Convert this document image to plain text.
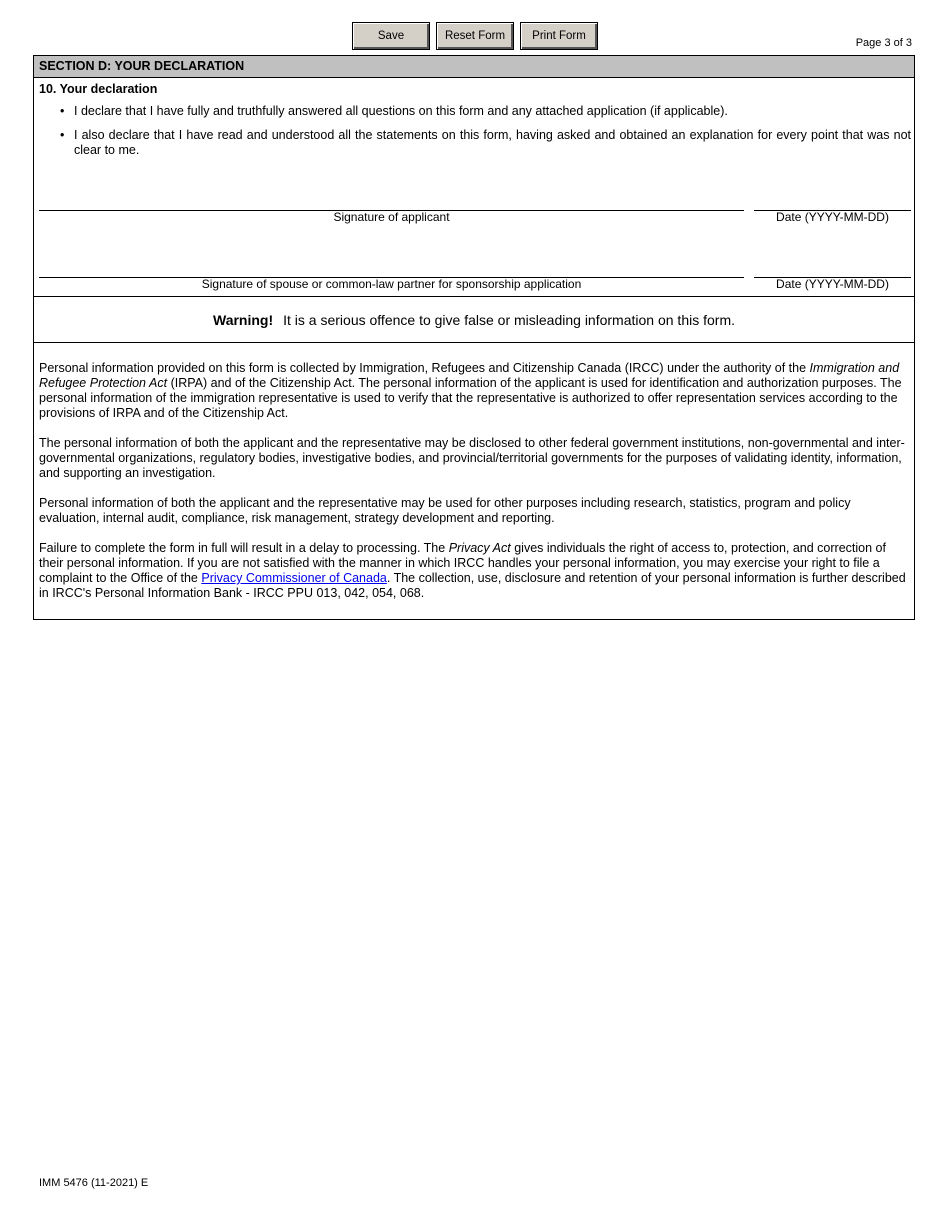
Save	Reset Form	Print Form
Page 3 of 3
SECTION D: YOUR DECLARATION
10. Your declaration
• I declare that I have fully and truthfully answered all questions on this form and any attached application (if applicable).
• I also declare that I have read and understood all the statements on this form, having asked and obtained an explanation for every point that was not clear to me.
Signature of applicant	Date (YYYY-MM-DD)
Signature of spouse or common-law partner for sponsorship application	Date (YYYY-MM-DD)
Warning! It is a serious offence to give false or misleading information on this form.

Personal information provided on this form is collected by Immigration, Refugees and Citizenship Canada (IRCC) under the authority of the Immigration and Refugee Protection Act (IRPA) and of the Citizenship Act. The personal information of the applicant is used for identification and authorization purposes. The personal information of the immigration representative is used to verify that the representative is authorized to offer representation services according to the provisions of IRPA and of the Citizenship Act.

The personal information of both the applicant and the representative may be disclosed to other federal government institutions, non-governmental and inter-governmental organizations, regulatory bodies, investigative bodies, and provincial/territorial governments for the purposes of validating identity, information, and supporting an investigation.

Personal information of both the applicant and the representative may be used for other purposes including research, statistics, program and policy evaluation, internal audit, compliance, risk management, strategy development and reporting.

Failure to complete the form in full will result in a delay to processing. The Privacy Act gives individuals the right of access to, protection, and correction of their personal information. If you are not satisfied with the manner in which IRCC handles your personal information, you may exercise your right to file a complaint to the Office of the Privacy Commissioner of Canada. The collection, use, disclosure and retention of your personal information is further described in IRCC's Personal Information Bank - IRCC PPU 013, 042, 054, 068.

IMM 5476 (11-2021) E
